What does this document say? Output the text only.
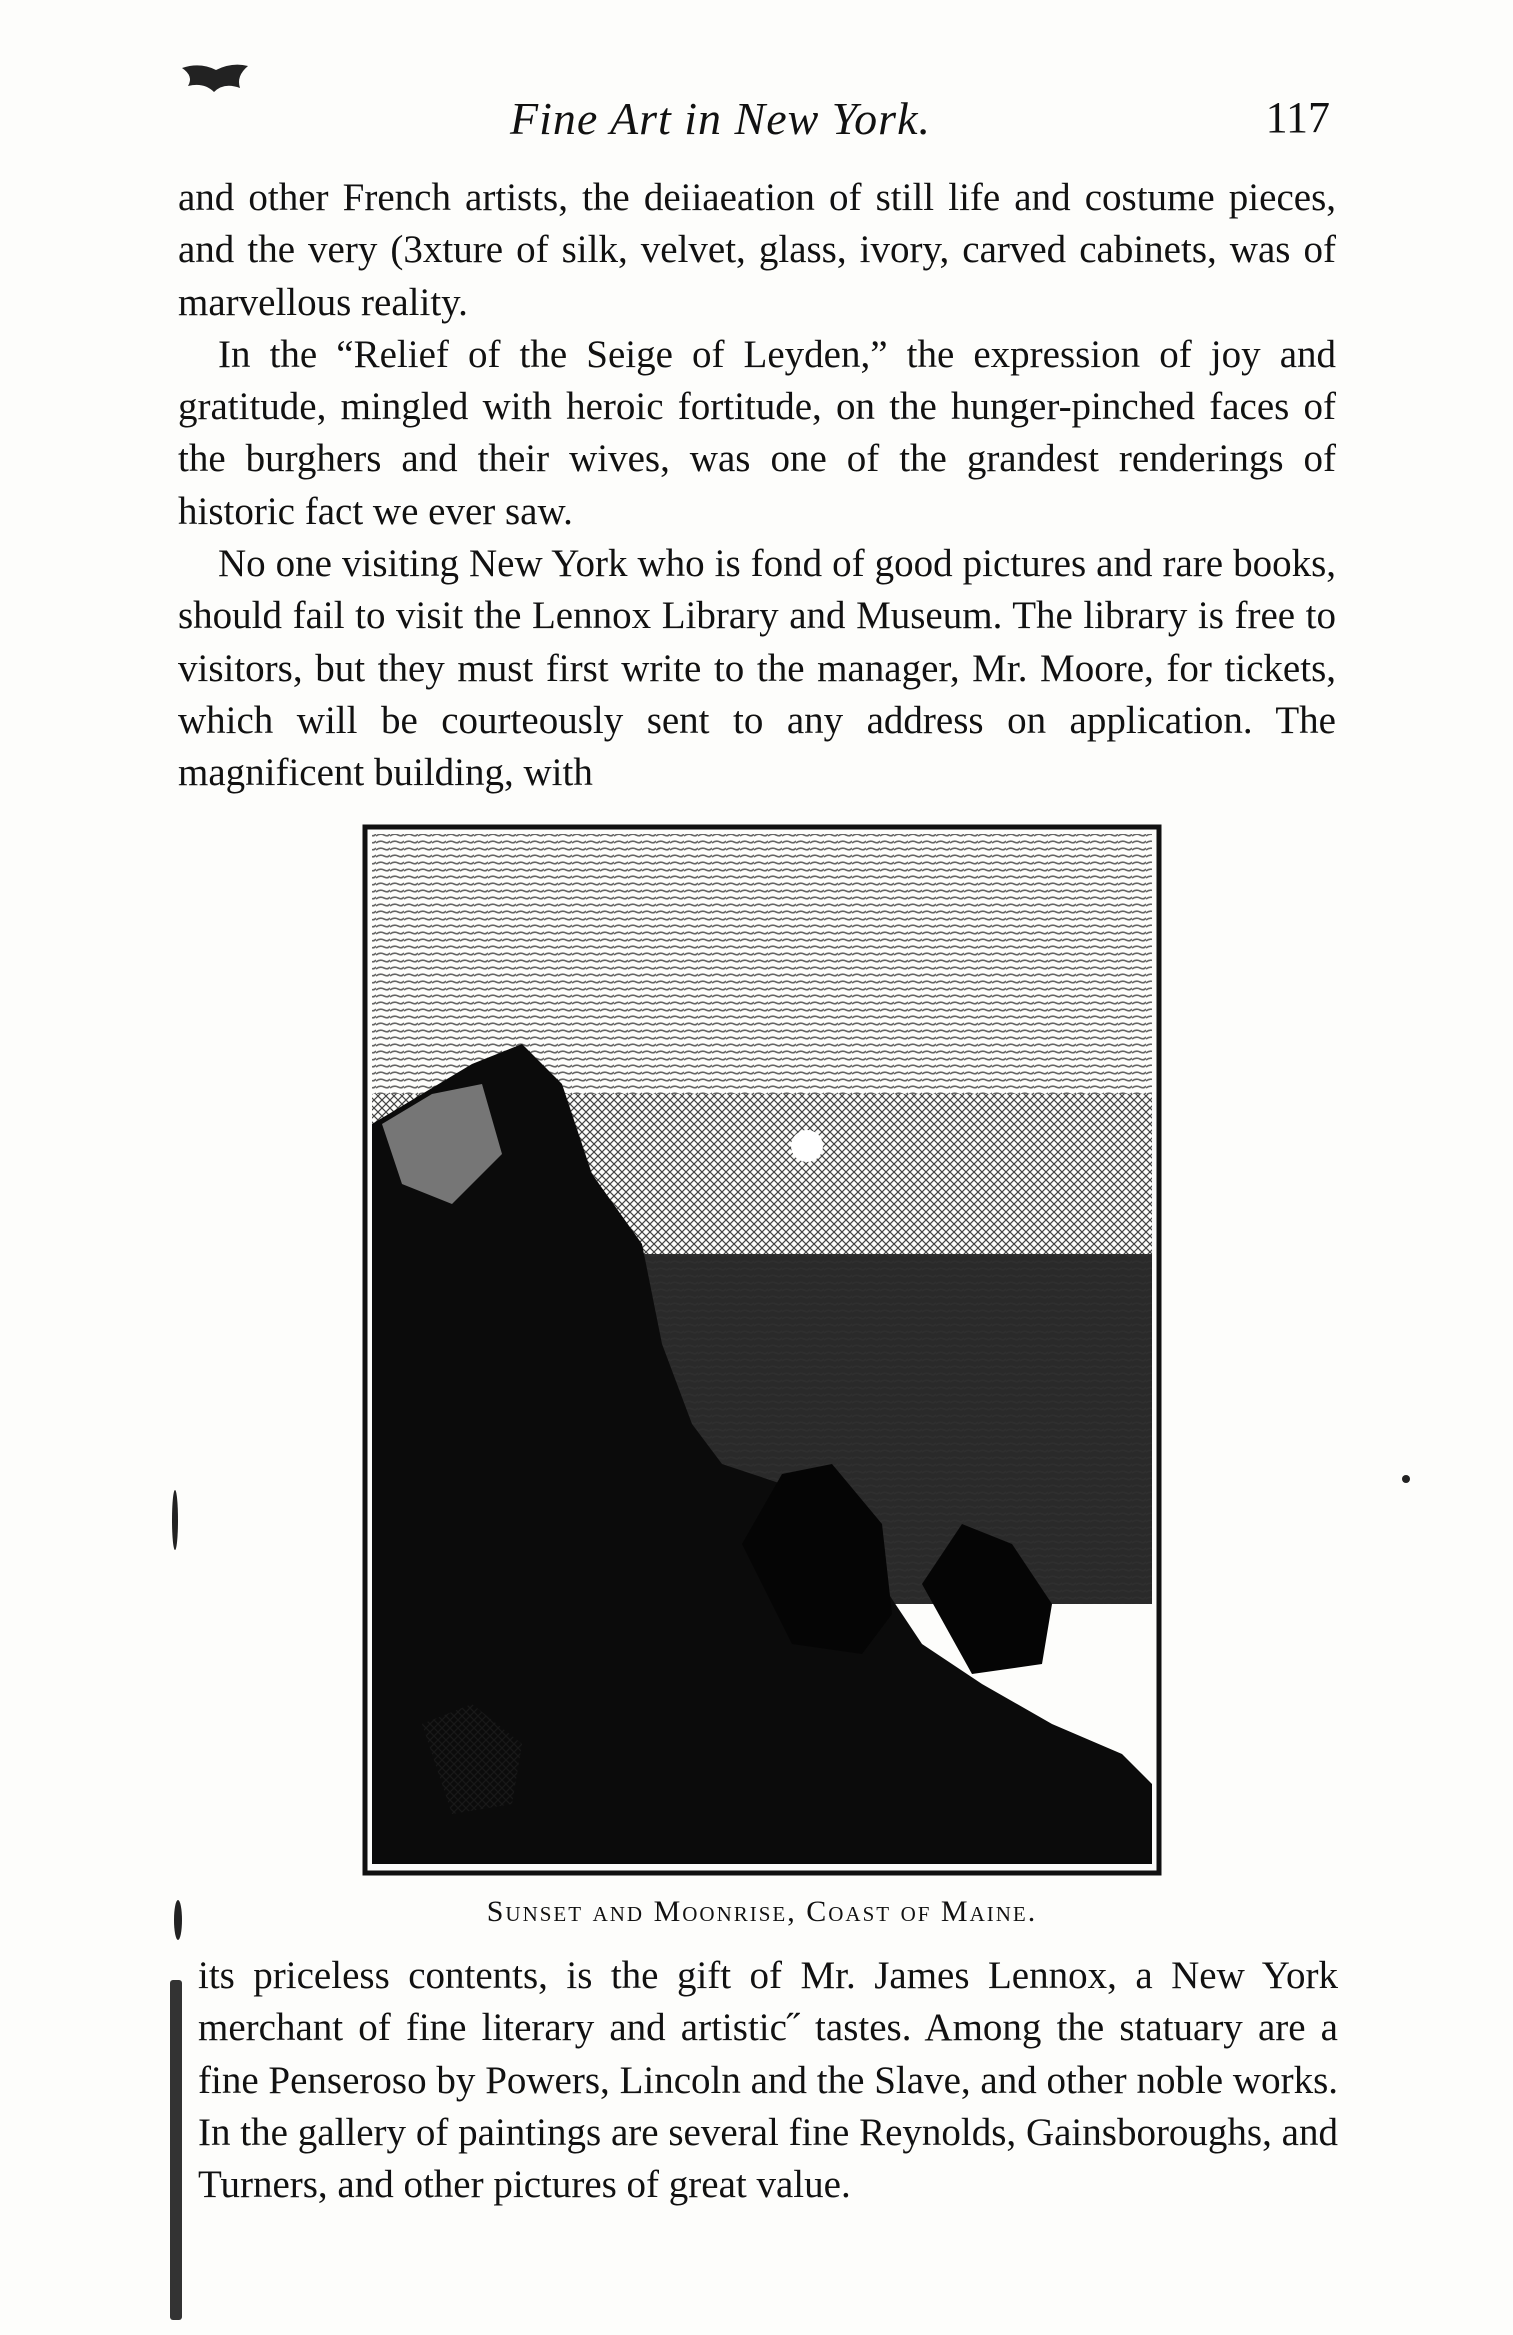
Fine Art in New York.	117

and other French artists, the deiiaeation of still life and costume pieces, and the very (3xture of silk, velvet, glass, ivory, carved cabinets, was of marvellous reality.

In the “Relief of the Seige of Leyden,” the expression of joy and gratitude, mingled with heroic fortitude, on the hunger-pinched faces of the burghers and their wives, was one of the grandest renderings of historic fact we ever saw.

No one visiting New York who is fond of good pictures and rare books, should fail to visit the Lennox Library and Museum. The library is free to visitors, but they must first write to the manager, Mr. Moore, for tickets, which will be courteously sent to any address on application. The magnificent building, with

Sunset and Moonrise, Coast of Maine.

its priceless contents, is the gift of Mr. James Lennox, a New York merchant of fine literary and artistic˝ tastes. Among the statuary are a fine Penseroso by Powers, Lincoln and the Slave, and other noble works. In the gallery of paintings are several fine Reynolds, Gainsboroughs, and Turners, and other pictures of great value.
